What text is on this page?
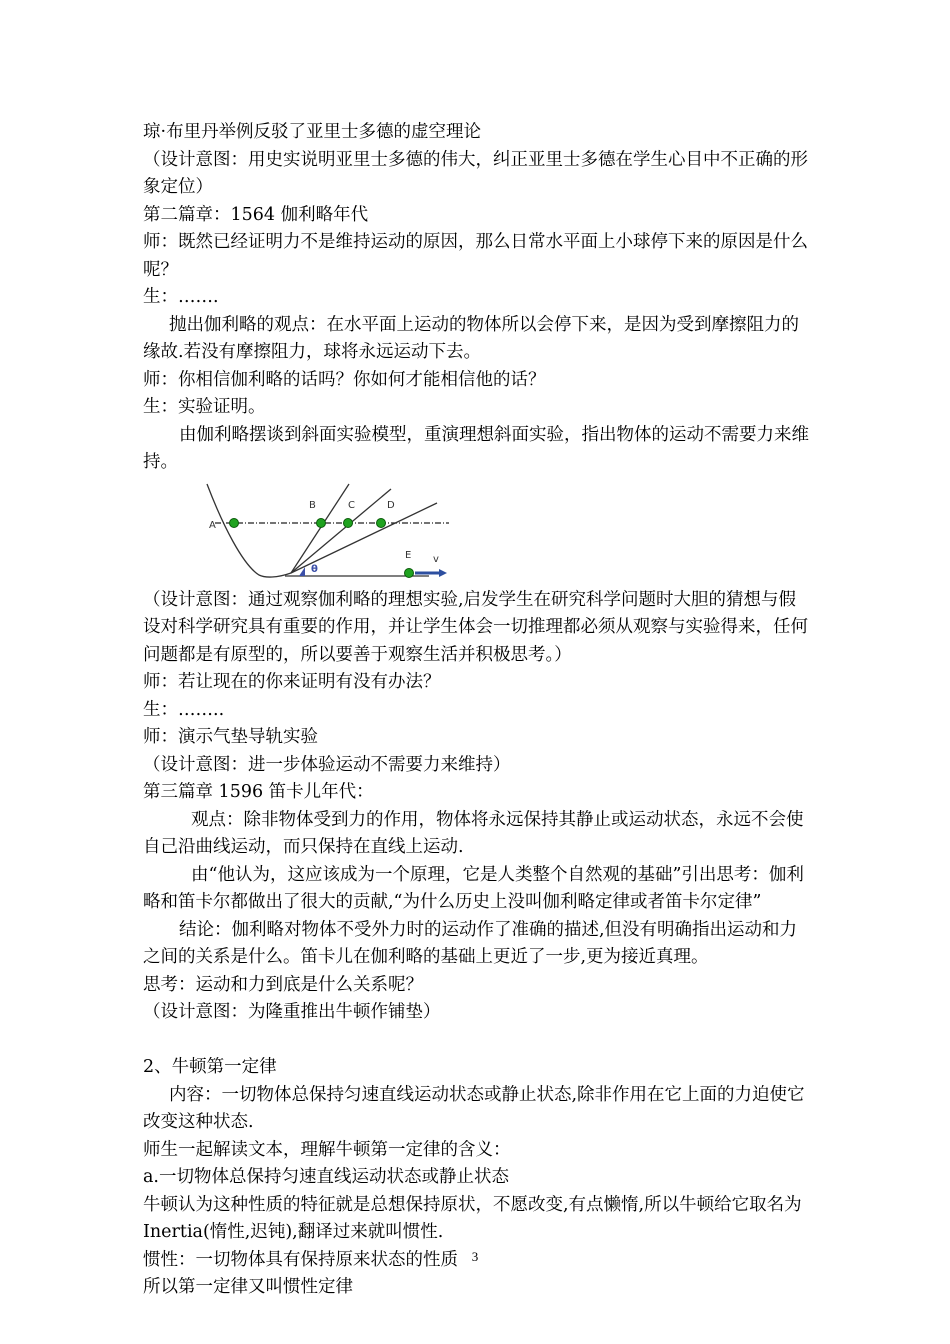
琼·布里丹举例反驳了亚里士多德的虚空理论

（设计意图：用史实说明亚里士多德的伟大，纠正亚里士多德在学生心目中不正确的形象定位）

第二篇章：1564 伽利略年代

师：既然已经证明力不是维持运动的原因，那么日常水平面上小球停下来的原因是什么呢？

生：…….

抛出伽利略的观点：在水平面上运动的物体所以会停下来，是因为受到摩擦阻力的缘故.若没有摩擦阻力，球将永远运动下去。

师：你相信伽利略的话吗？你如何才能相信他的话？

生：实验证明。

由伽利略摆谈到斜面实验模型，重演理想斜面实验，指出物体的运动不需要力来维持。

A
B	C	D
E
θ
v

（设计意图：通过观察伽利略的理想实验,启发学生在研究科学问题时大胆的猜想与假设对科学研究具有重要的作用，并让学生体会一切推理都必须从观察与实验得来，任何问题都是有原型的，所以要善于观察生活并积极思考。）

师：若让现在的你来证明有没有办法？

生：……..

师：演示气垫导轨实验

（设计意图：进一步体验运动不需要力来维持）

第三篇章 1596 笛卡儿年代：

观点：除非物体受到力的作用，物体将永远保持其静止或运动状态，永远不会使自己沿曲线运动，而只保持在直线上运动.

由“他认为，这应该成为一个原理，它是人类整个自然观的基础”引出思考：伽利略和笛卡尔都做出了很大的贡献,“为什么历史上没叫伽利略定律或者笛卡尔定律”

结论：伽利略对物体不受外力时的运动作了准确的描述,但没有明确指出运动和力之间的关系是什么。笛卡儿在伽利略的基础上更近了一步,更为接近真理。

思考：运动和力到底是什么关系呢？

（设计意图：为隆重推出牛顿作铺垫）

2、牛顿第一定律

内容：一切物体总保持匀速直线运动状态或静止状态,除非作用在它上面的力迫使它改变这种状态.

师生一起解读文本，理解牛顿第一定律的含义：

a.一切物体总保持匀速直线运动状态或静止状态

牛顿认为这种性质的特征就是总想保持原状，不愿改变,有点懒惰,所以牛顿给它取名为 Inertia(惰性,迟钝),翻译过来就叫惯性.

惯性：一切物体具有保持原来状态的性质

所以第一定律又叫惯性定律

3
